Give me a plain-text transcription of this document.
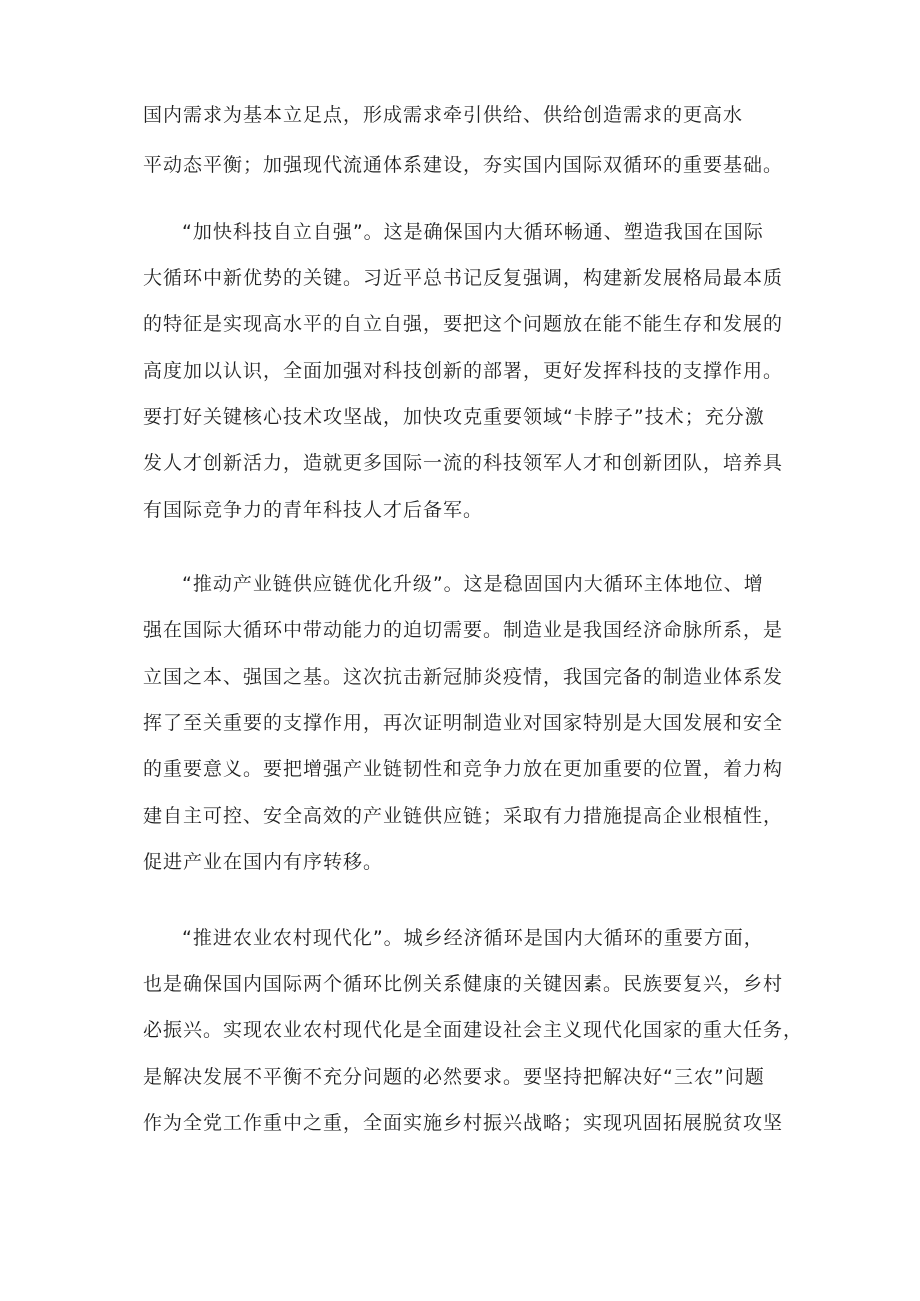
国内需求为基本立足点，形成需求牵引供给、供给创造需求的更高水
平动态平衡；加强现代流通体系建设，夯实国内国际双循环的重要基础。
“加快科技自立自强”。这是确保国内大循环畅通、塑造我国在国际
大循环中新优势的关键。习近平总书记反复强调，构建新发展格局最本质
的特征是实现高水平的自立自强，要把这个问题放在能不能生存和发展的
高度加以认识，全面加强对科技创新的部署，更好发挥科技的支撑作用。
要打好关键核心技术攻坚战，加快攻克重要领域“卡脖子”技术；充分激
发人才创新活力，造就更多国际一流的科技领军人才和创新团队，培养具
有国际竞争力的青年科技人才后备军。
“推动产业链供应链优化升级”。这是稳固国内大循环主体地位、增
强在国际大循环中带动能力的迫切需要。制造业是我国经济命脉所系，是
立国之本、强国之基。这次抗击新冠肺炎疫情，我国完备的制造业体系发
挥了至关重要的支撑作用，再次证明制造业对国家特别是大国发展和安全
的重要意义。要把增强产业链韧性和竞争力放在更加重要的位置，着力构
建自主可控、安全高效的产业链供应链；采取有力措施提高企业根植性，
促进产业在国内有序转移。
“推进农业农村现代化”。城乡经济循环是国内大循环的重要方面，
也是确保国内国际两个循环比例关系健康的关键因素。民族要复兴，乡村
必振兴。实现农业农村现代化是全面建设社会主义现代化国家的重大任务，
是解决发展不平衡不充分问题的必然要求。要坚持把解决好“三农”问题
作为全党工作重中之重，全面实施乡村振兴战略；实现巩固拓展脱贫攻坚
